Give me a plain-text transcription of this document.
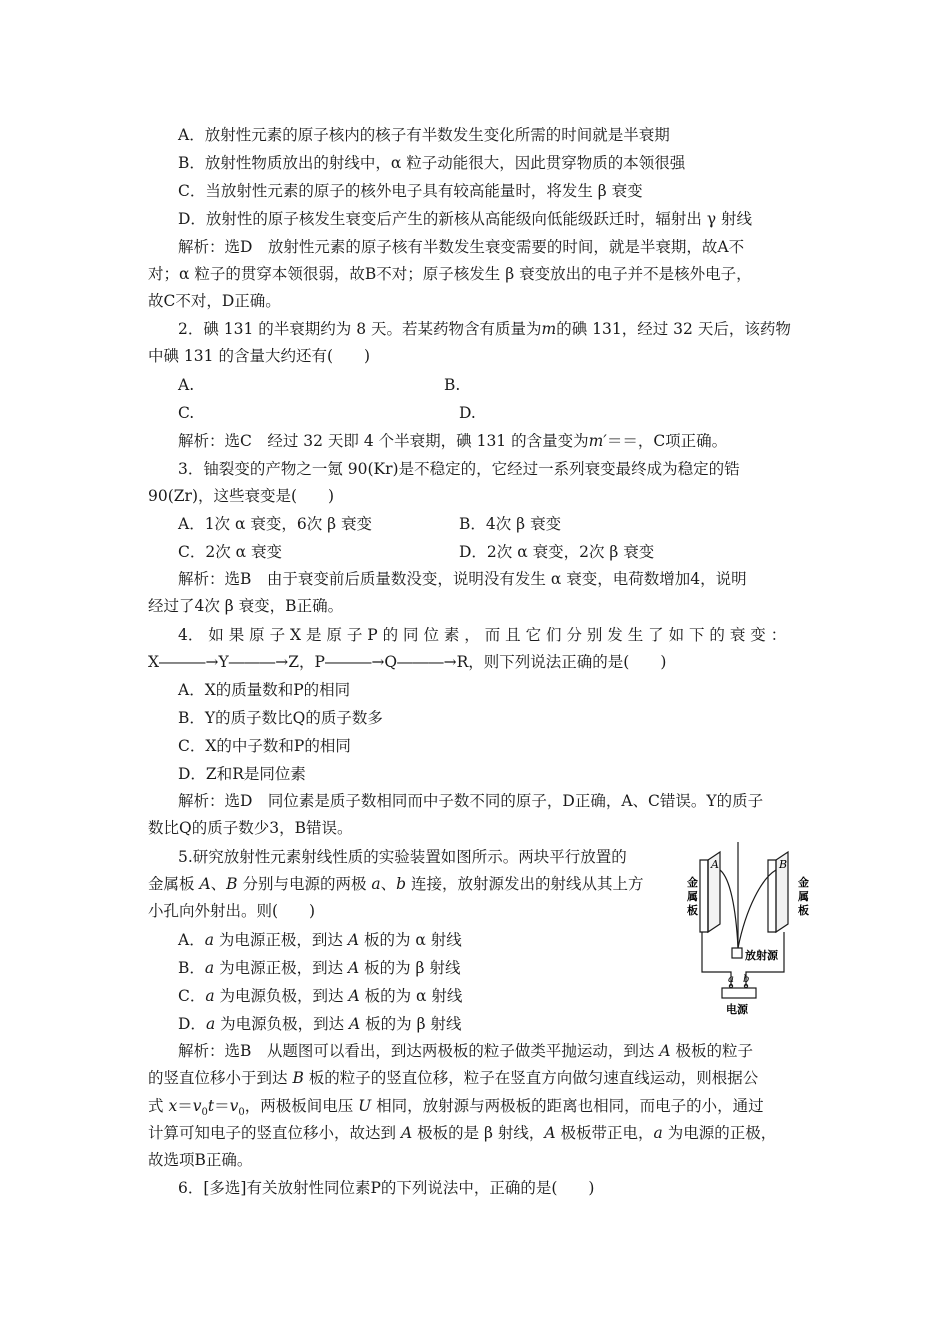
A．放射性元素的原子核内的核子有半数发生变化所需的时间就是半衰期
B．放射性物质放出的射线中，α 粒子动能很大，因此贯穿物质的本领很强
C．当放射性元素的原子的核外电子具有较高能量时，将发生 β 衰变
D．放射性的原子核发生衰变后产生的新核从高能级向低能级跃迁时，辐射出 γ 射线
解析：选D　放射性元素的原子核有半数发生衰变需要的时间，就是半衰期，故A不
对；α 粒子的贯穿本领很弱，故B不对；原子核发生 β 衰变放出的电子并不是核外电子，
故C不对，D正确。
2．碘 131 的半衰期约为 8 天。若某药物含有质量为m的碘 131，经过 32 天后，该药物
中碘 131 的含量大约还有(　　)
A.	B.
C.	D.
解析：选C　经过 32 天即 4 个半衰期，碘 131 的含量变为m′＝＝，C项正确。
3．铀裂变的产物之一氪 90(Kr)是不稳定的，它经过一系列衰变最终成为稳定的锆
90(Zr)，这些衰变是(　　)
A．1次 α 衰变，6次 β 衰变	B．4次 β 衰变
C．2次 α 衰变	D．2次 α 衰变，2次 β 衰变
解析：选B　由于衰变前后质量数没变，说明没有发生 α 衰变，电荷数增加4，说明
经过了4次 β 衰变，B正确。
4． 如 果 原 子 X 是 原 子 P 的 同 位 素 ， 而 且 它 们 分 别 发 生 了 如 下 的 衰 变 ：
X―――→Y―――→Z，P―――→Q―――→R，则下列说法正确的是(　　)
A．X的质量数和P的相同
B．Y的质子数比Q的质子数多
C．X的中子数和P的相同
D．Z和R是同位素
解析：选D　同位素是质子数相同而中子数不同的原子，D正确，A、C错误。Y的质子
数比Q的质子数少3，B错误。
5.研究放射性元素射线性质的实验装置如图所示。两块平行放置的
金属板 A、B 分别与电源的两极 a、b 连接，放射源发出的射线从其上方
小孔向外射出。则(　　)
A．a 为电源正极，到达 A 板的为 α 射线
B．a 为电源正极，到达 A 板的为 β 射线
C．a 为电源负极，到达 A 板的为 α 射线
D．a 为电源负极，到达 A 板的为 β 射线
解析：选B　从题图可以看出，到达两极板的粒子做类平抛运动，到达 A 极板的粒子
的竖直位移小于到达 B 板的粒子的竖直位移，粒子在竖直方向做匀速直线运动，则根据公
式 $x=v_0t=v_0$，两极板间电压 U 相同，放射源与两极板的距离也相同，而电子的小，通过
计算可知电子的竖直位移小，故达到 A 极板的是 β 射线，A 极板带正电，a 为电源的正极，
故选项B正确。
6．[多选]有关放射性同位素P的下列说法中，正确的是(　　)
A	B
金
属
板
金
属
板
放射源
a b
电源
